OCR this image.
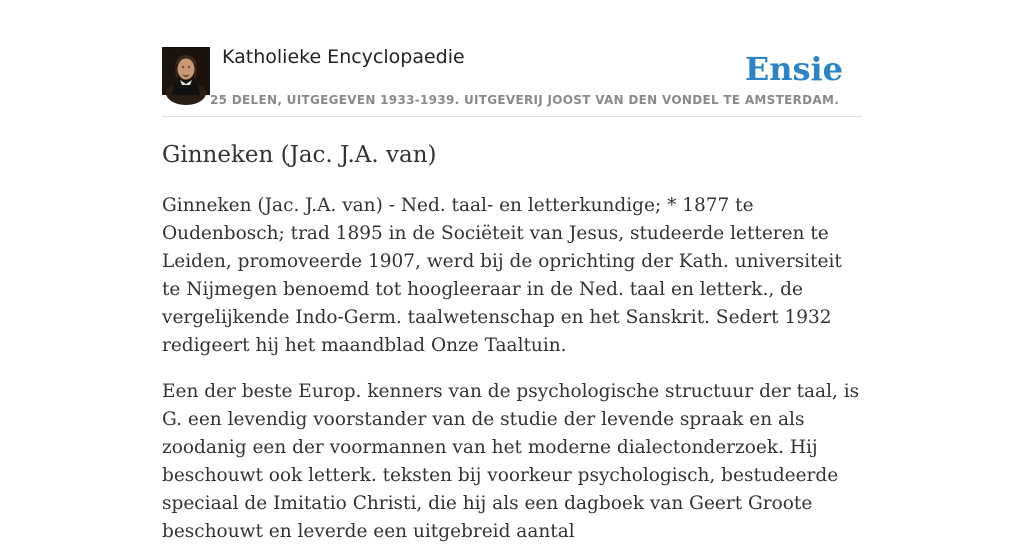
Katholieke Encyclopaedie
25 DELEN, UITGEGEVEN 1933-1939. UITGEVERIJ JOOST VAN DEN VONDEL TE AMSTERDAM.
Ensie
Ginneken (Jac. J.A. van)

Ginneken (Jac. J.A. van) - Ned. taal- en letterkundige; * 1877 te Oudenbosch; trad 1895 in de Sociëteit van Jesus, studeerde letteren te Leiden, promoveerde 1907, werd bij de oprichting der Kath. universiteit te Nijmegen benoemd tot hoogleeraar in de Ned. taal en letterk., de vergelijkende Indo-Germ. taalwetenschap en het Sanskrit. Sedert 1932 redigeert hij het maandblad Onze Taaltuin.

Een der beste Europ. kenners van de psychologische structuur der taal, is G. een levendig voorstander van de studie der levende spraak en als zoodanig een der voormannen van het moderne dialectonderzoek. Hij beschouwt ook letterk. teksten bij voorkeur psychologisch, bestudeerde speciaal de Imitatio Christi, die hij als een dagboek van Geert Groote beschouwt en leverde een uitgebreid aantal
